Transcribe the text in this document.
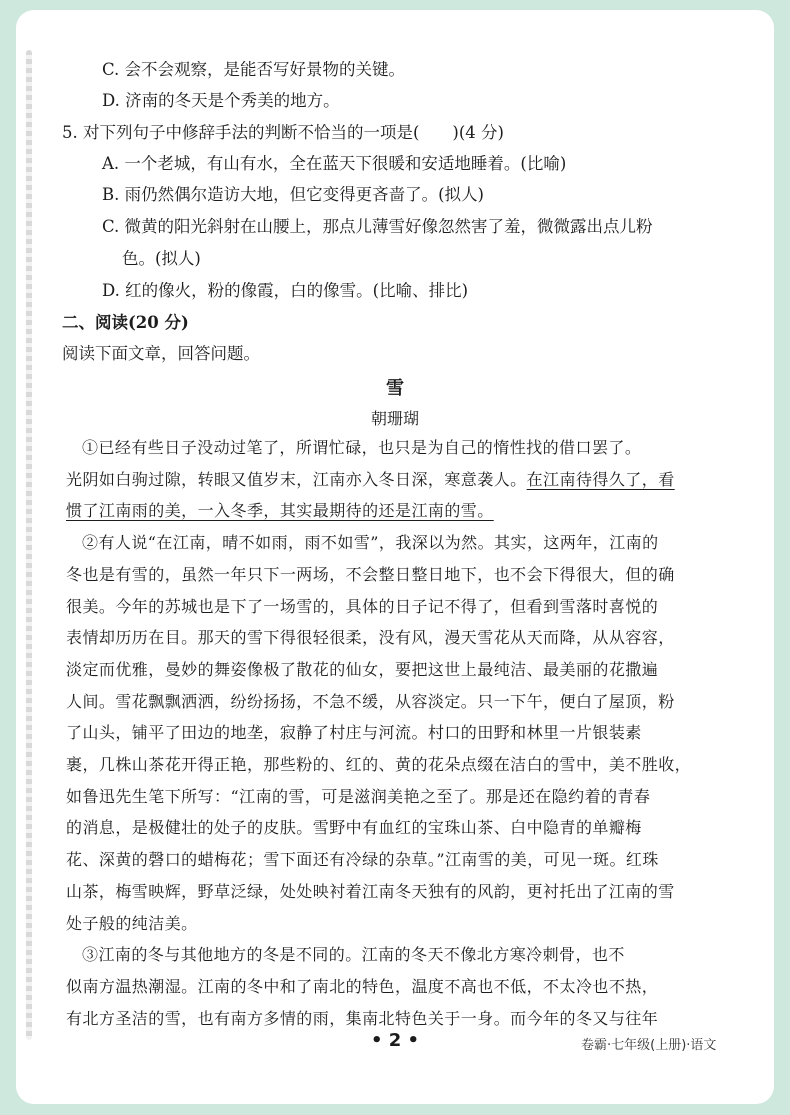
C. 会不会观察，是能否写好景物的关键。
D. 济南的冬天是个秀美的地方。
5. 对下列句子中修辞手法的判断不恰当的一项是(　　)(4 分)
A. 一个老城，有山有水，全在蓝天下很暖和安适地睡着。(比喻)
B. 雨仍然偶尔造访大地，但它变得更吝啬了。(拟人)
C. 微黄的阳光斜射在山腰上，那点儿薄雪好像忽然害了羞，微微露出点儿粉
色。(拟人)
D. 红的像火，粉的像霞，白的像雪。(比喻、排比)
二、阅读(20 分)
阅读下面文章，回答问题。
雪
朝珊瑚
①已经有些日子没动过笔了，所谓忙碌，也只是为自己的惰性找的借口罢了。
光阴如白驹过隙，转眼又值岁末，江南亦入冬日深，寒意袭人。在江南待得久了，看
惯了江南雨的美，一入冬季，其实最期待的还是江南的雪。
②有人说“在江南，晴不如雨，雨不如雪”，我深以为然。其实，这两年，江南的
冬也是有雪的，虽然一年只下一两场，不会整日整日地下，也不会下得很大，但的确
很美。今年的苏城也是下了一场雪的，具体的日子记不得了，但看到雪落时喜悦的
表情却历历在目。那天的雪下得很轻很柔，没有风，漫天雪花从天而降，从从容容，
淡定而优雅，曼妙的舞姿像极了散花的仙女，要把这世上最纯洁、最美丽的花撒遍
人间。雪花飘飘洒洒，纷纷扬扬，不急不缓，从容淡定。只一下午，便白了屋顶，粉
了山头，铺平了田边的地垄，寂静了村庄与河流。村口的田野和林里一片银装素
裹，几株山茶花开得正艳，那些粉的、红的、黄的花朵点缀在洁白的雪中，美不胜收，
如鲁迅先生笔下所写：“江南的雪，可是滋润美艳之至了。那是还在隐约着的青春
的消息，是极健壮的处子的皮肤。雪野中有血红的宝珠山茶、白中隐青的单瓣梅
花、深黄的磬口的蜡梅花；雪下面还有冷绿的杂草。”江南雪的美，可见一斑。红珠
山茶，梅雪映辉，野草泛绿，处处映衬着江南冬天独有的风韵，更衬托出了江南的雪
处子般的纯洁美。
③江南的冬与其他地方的冬是不同的。江南的冬天不像北方寒冷刺骨，也不
似南方温热潮湿。江南的冬中和了南北的特色，温度不高也不低，不太冷也不热，
有北方圣洁的雪，也有南方多情的雨，集南北特色关于一身。而今年的冬又与往年
• 2 •	卷霸·七年级(上册)·语文
